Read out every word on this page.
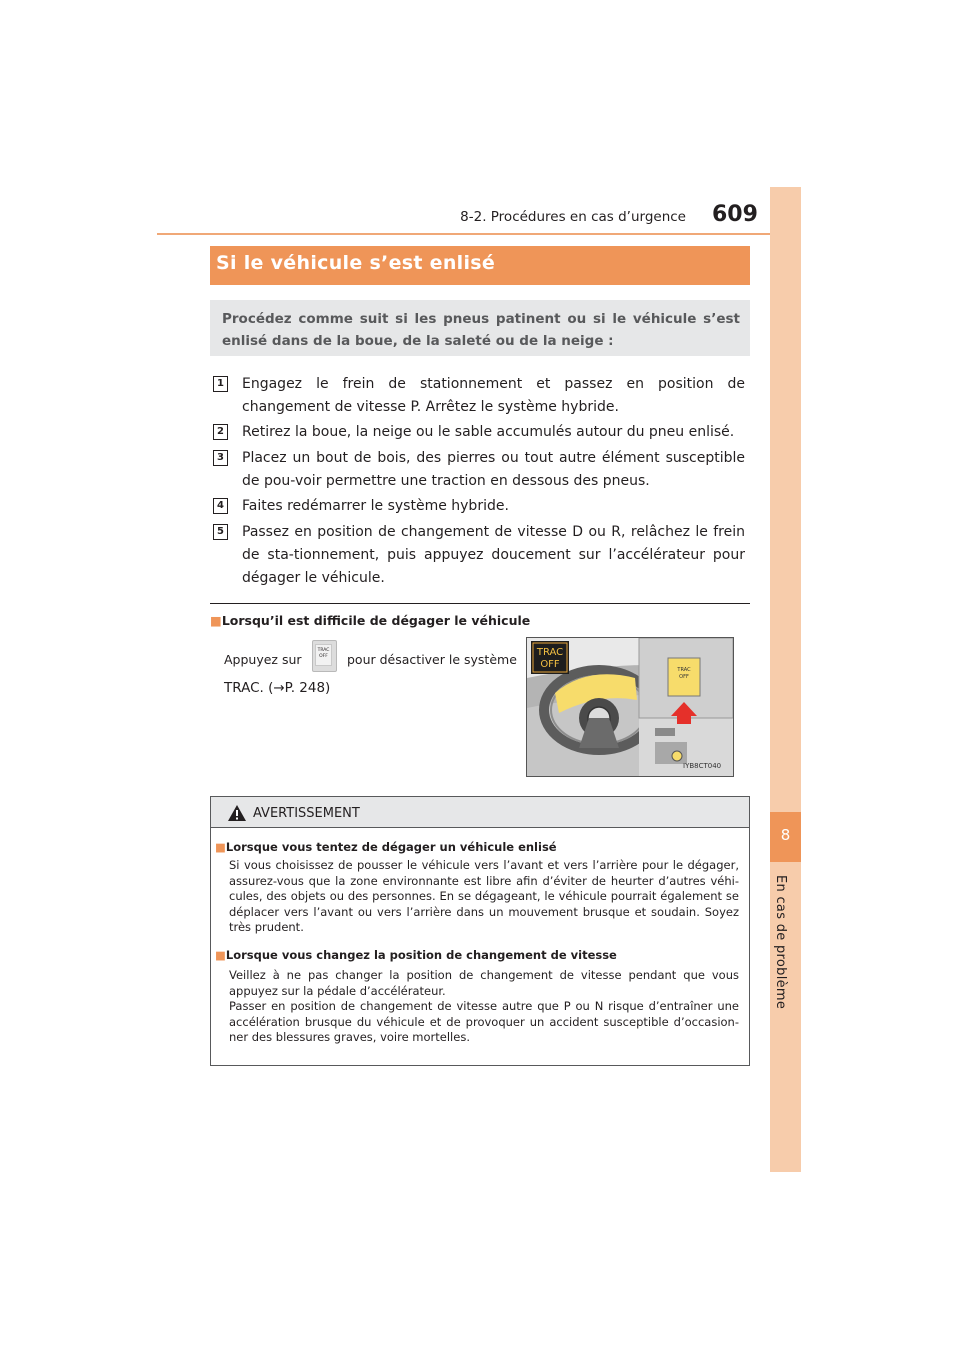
8-2. Procédures en cas d’urgence 609
8
En cas de problème
Si le véhicule s’est enlisé
Procédez comme suit si les pneus patinent ou si le véhicule s’est enlisé dans de la boue, de la saleté ou de la neige :
1 Engagez le frein de stationnement et passez en position de changement de vitesse P. Arrêtez le système hybride.
2 Retirez la boue, la neige ou le sable accumulés autour du pneu enlisé.
3 Placez un bout de bois, des pierres ou tout autre élément susceptible de pou-voir permettre une traction en dessous des pneus.
4 Faites redémarrer le système hybride.
5 Passez en position de changement de vitesse D ou R, relâchez le frein de sta-tionnement, puis appuyez doucement sur l’accélérateur pour dégager le véhicule.
■Lorsqu’il est difficile de dégager le véhicule
Appuyez sur
TRAC OFF	pour désactiver le système
TRAC. (→P. 248)
TRAC
OFF
TRAC
OFF
IYB8CT040
AVERTISSEMENT
■Lorsque vous tentez de dégager un véhicule enlisé
Si vous choisissez de pousser le véhicule vers l’avant et vers l’arrière pour le dégager, assurez-vous que la zone environnante est libre afin d’éviter de heurter d’autres véhi-cules, des objets ou des personnes. En se dégageant, le véhicule pourrait également se déplacer vers l’avant ou vers l’arrière dans un mouvement brusque et soudain. Soyez très prudent.
■Lorsque vous changez la position de changement de vitesse
Veillez à ne pas changer la position de changement de vitesse pendant que vous appuyez sur la pédale d’accélérateur.
Passer en position de changement de vitesse autre que P ou N risque d’entraîner une accélération brusque du véhicule et de provoquer un accident susceptible d’occasion-ner des blessures graves, voire mortelles.
